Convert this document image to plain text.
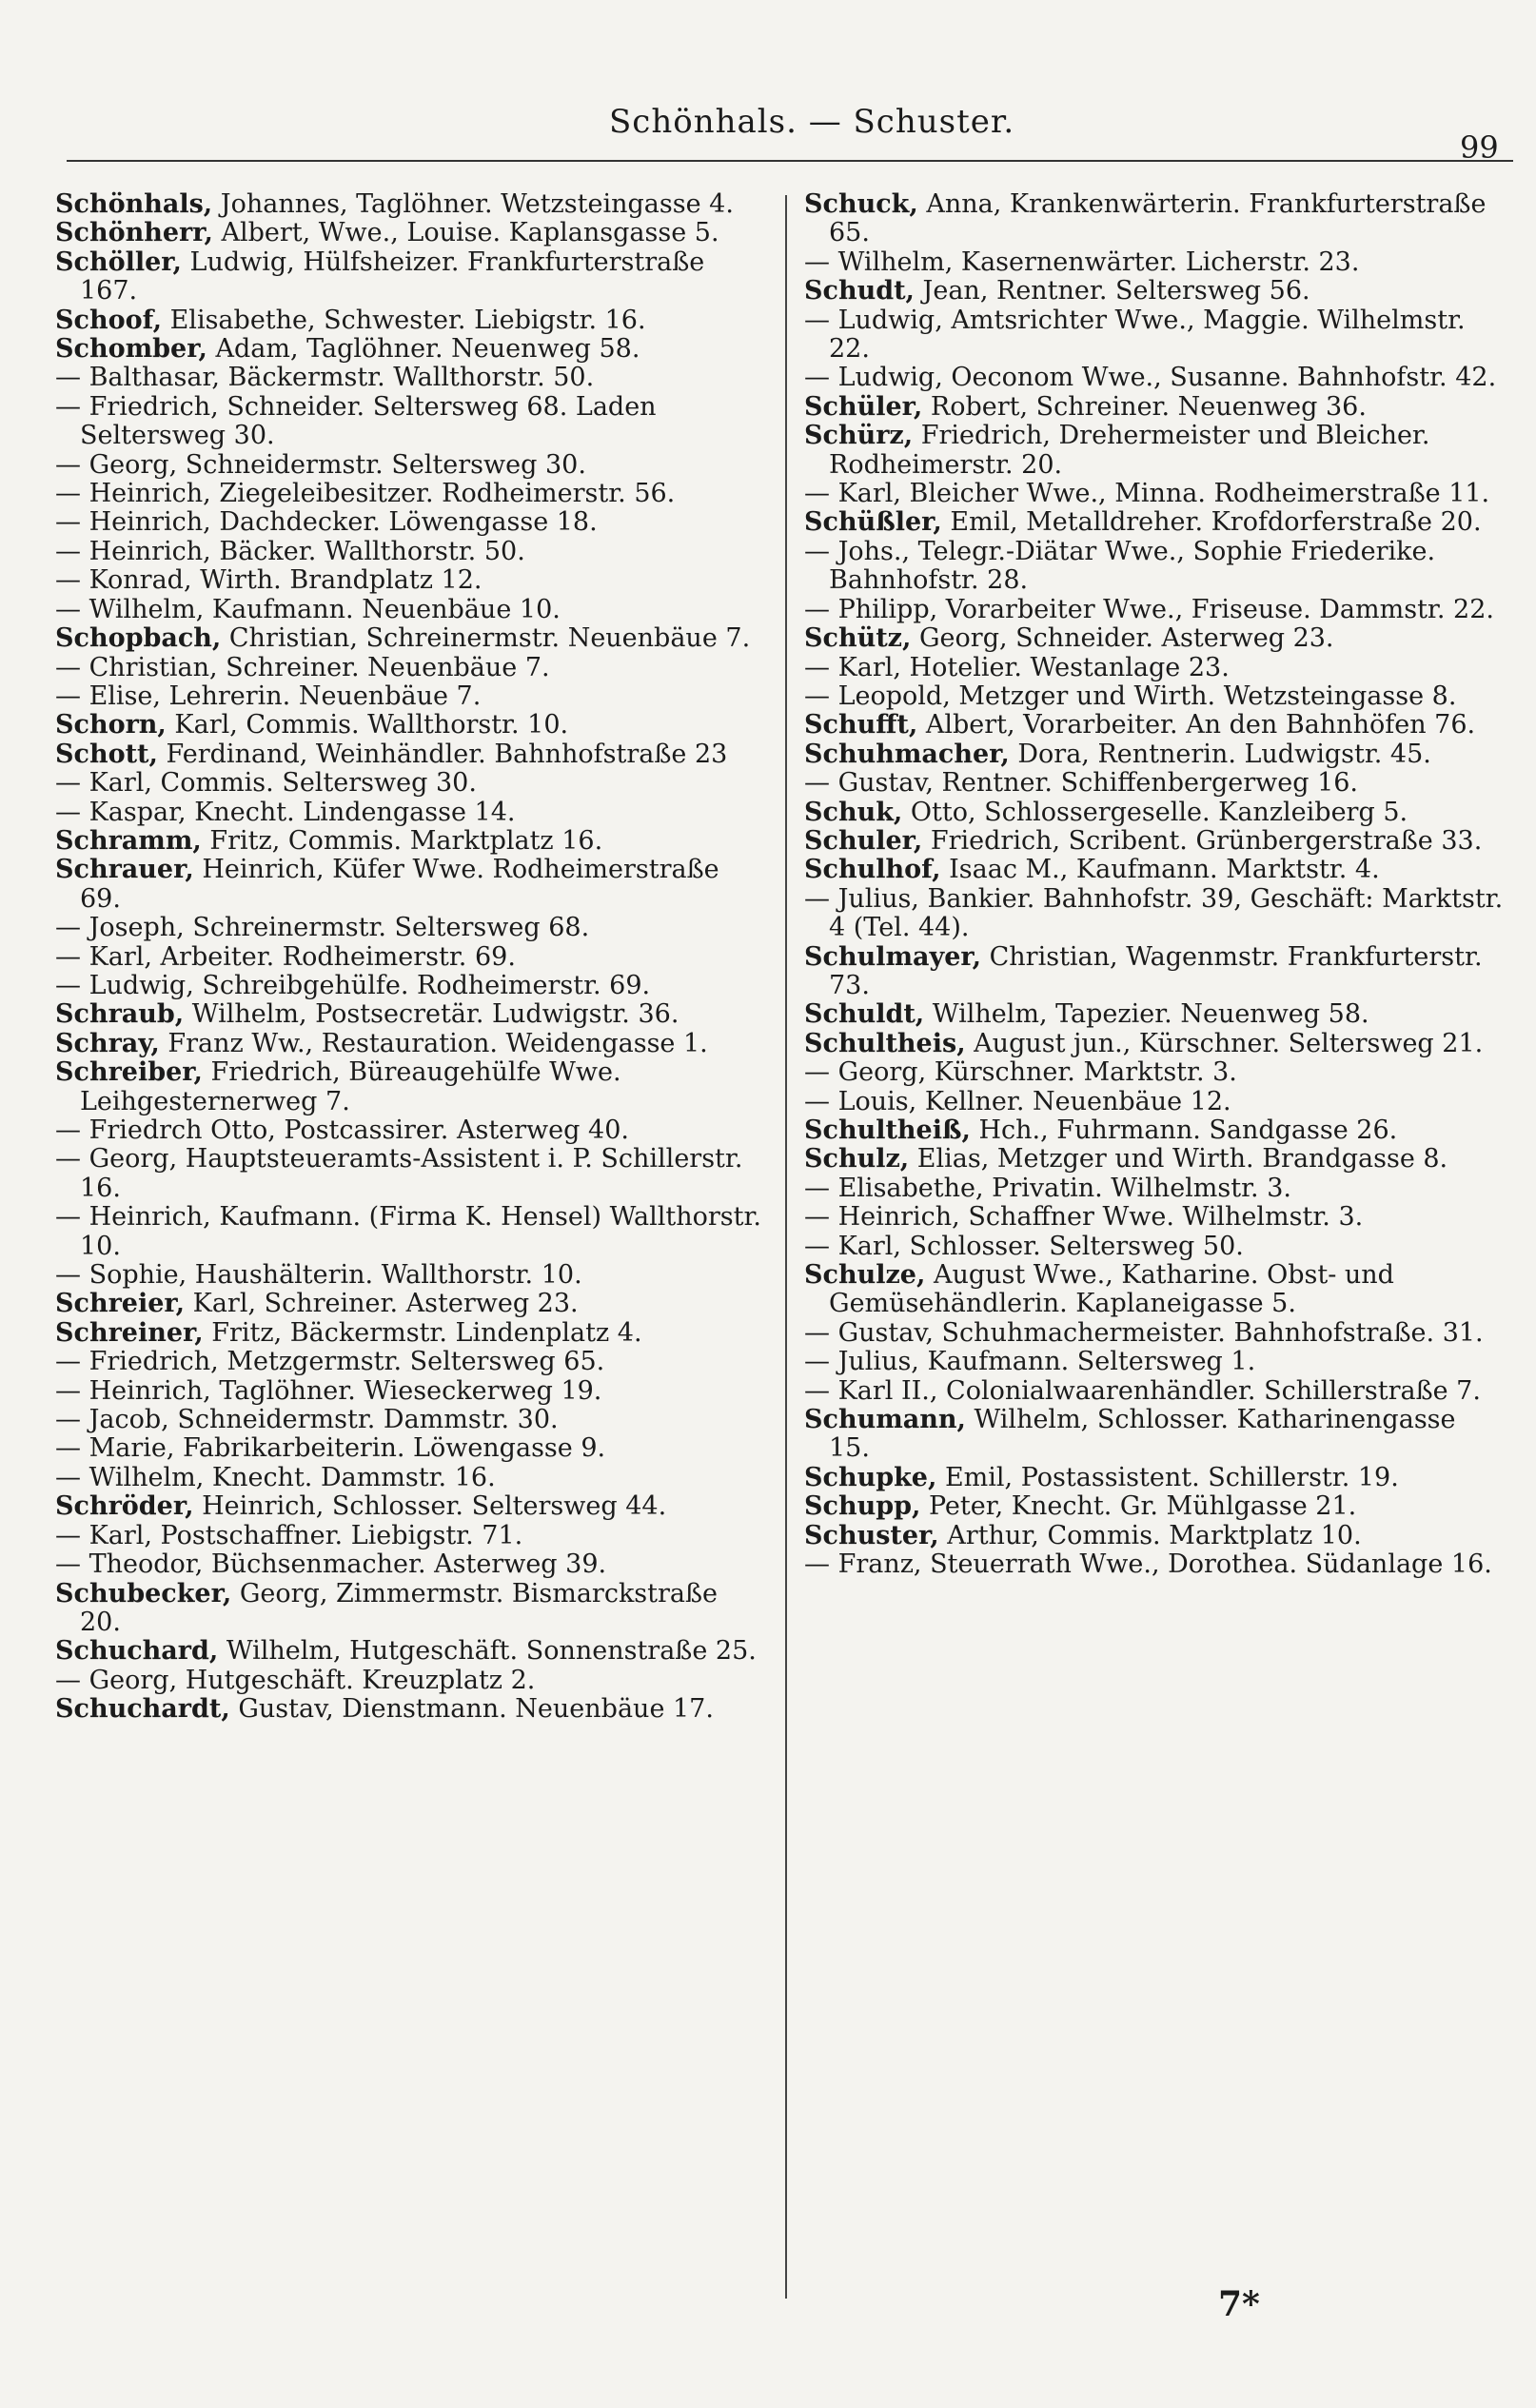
Schönhals. — Schuster.
99

Schönhals, Johannes, Taglöhner. Wetzsteingasse 4.

Schönherr, Albert, Wwe., Louise. Kaplansgasse 5.

Schöller, Ludwig, Hülfsheizer. Frankfurterstraße 167.

Schoof, Elisabethe, Schwester. Liebigstr. 16.

Schomber, Adam, Taglöhner. Neuenweg 58.

— Balthasar, Bäckermstr. Wallthorstr. 50.

— Friedrich, Schneider. Seltersweg 68. Laden Seltersweg 30.

— Georg, Schneidermstr. Seltersweg 30.

— Heinrich, Ziegeleibesitzer. Rodheimerstr. 56.

— Heinrich, Dachdecker. Löwengasse 18.

— Heinrich, Bäcker. Wallthorstr. 50.

— Konrad, Wirth. Brandplatz 12.

— Wilhelm, Kaufmann. Neuenbäue 10.

Schopbach, Christian, Schreinermstr. Neuenbäue 7.

— Christian, Schreiner. Neuenbäue 7.

— Elise, Lehrerin. Neuenbäue 7.

Schorn, Karl, Commis. Wallthorstr. 10.

Schott, Ferdinand, Weinhändler. Bahnhofstraße 23

— Karl, Commis. Seltersweg 30.

— Kaspar, Knecht. Lindengasse 14.

Schramm, Fritz, Commis. Marktplatz 16.

Schrauer, Heinrich, Küfer Wwe. Rodheimerstraße 69.

— Joseph, Schreinermstr. Seltersweg 68.

— Karl, Arbeiter. Rodheimerstr. 69.

— Ludwig, Schreibgehülfe. Rodheimerstr. 69.

Schraub, Wilhelm, Postsecretär. Ludwigstr. 36.

Schray, Franz Ww., Restauration. Weidengasse 1.

Schreiber, Friedrich, Büreaugehülfe Wwe. Leihgesternerweg 7.

— Friedrch Otto, Postcassirer. Asterweg 40.

— Georg, Hauptsteueramts-Assistent i. P. Schillerstr. 16.

— Heinrich, Kaufmann. (Firma K. Hensel) Wallthorstr. 10.

— Sophie, Haushälterin. Wallthorstr. 10.

Schreier, Karl, Schreiner. Asterweg 23.

Schreiner, Fritz, Bäckermstr. Lindenplatz 4.

— Friedrich, Metzgermstr. Seltersweg 65.

— Heinrich, Taglöhner. Wieseckerweg 19.

— Jacob, Schneidermstr. Dammstr. 30.

— Marie, Fabrikarbeiterin. Löwengasse 9.

— Wilhelm, Knecht. Dammstr. 16.

Schröder, Heinrich, Schlosser. Seltersweg 44.

— Karl, Postschaffner. Liebigstr. 71.

— Theodor, Büchsenmacher. Asterweg 39.

Schubecker, Georg, Zimmermstr. Bismarckstraße 20.

Schuchard, Wilhelm, Hutgeschäft. Sonnenstraße 25.

— Georg, Hutgeschäft. Kreuzplatz 2.

Schuchardt, Gustav, Dienstmann. Neuenbäue 17.

Schuck, Anna, Krankenwärterin. Frankfurterstraße 65.

— Wilhelm, Kasernenwärter. Licherstr. 23.

Schudt, Jean, Rentner. Seltersweg 56.

— Ludwig, Amtsrichter Wwe., Maggie. Wilhelmstr. 22.

— Ludwig, Oeconom Wwe., Susanne. Bahnhofstr. 42.

Schüler, Robert, Schreiner. Neuenweg 36.

Schürz, Friedrich, Drehermeister und Bleicher. Rodheimerstr. 20.

— Karl, Bleicher Wwe., Minna. Rodheimerstraße 11.

Schüßler, Emil, Metalldreher. Krofdorferstraße 20.

— Johs., Telegr.-Diätar Wwe., Sophie Friederike. Bahnhofstr. 28.

— Philipp, Vorarbeiter Wwe., Friseuse. Dammstr. 22.

Schütz, Georg, Schneider. Asterweg 23.

— Karl, Hotelier. Westanlage 23.

— Leopold, Metzger und Wirth. Wetzsteingasse 8.

Schufft, Albert, Vorarbeiter. An den Bahnhöfen 76.

Schuhmacher, Dora, Rentnerin. Ludwigstr. 45.

— Gustav, Rentner. Schiffenbergerweg 16.

Schuk, Otto, Schlossergeselle. Kanzleiberg 5.

Schuler, Friedrich, Scribent. Grünbergerstraße 33.

Schulhof, Isaac M., Kaufmann. Marktstr. 4.

— Julius, Bankier. Bahnhofstr. 39, Geschäft: Marktstr. 4 (Tel. 44).

Schulmayer, Christian, Wagenmstr. Frankfurterstr. 73.

Schuldt, Wilhelm, Tapezier. Neuenweg 58.

Schultheis, August jun., Kürschner. Seltersweg 21.

— Georg, Kürschner. Marktstr. 3.

— Louis, Kellner. Neuenbäue 12.

Schultheiß, Hch., Fuhrmann. Sandgasse 26.

Schulz, Elias, Metzger und Wirth. Brandgasse 8.

— Elisabethe, Privatin. Wilhelmstr. 3.

— Heinrich, Schaffner Wwe. Wilhelmstr. 3.

— Karl, Schlosser. Seltersweg 50.

Schulze, August Wwe., Katharine. Obst- und Gemüsehändlerin. Kaplaneigasse 5.

— Gustav, Schuhmachermeister. Bahnhofstraße. 31.

— Julius, Kaufmann. Seltersweg 1.

— Karl II., Colonialwaarenhändler. Schillerstraße 7.

Schumann, Wilhelm, Schlosser. Katharinengasse 15.

Schupke, Emil, Postassistent. Schillerstr. 19.

Schupp, Peter, Knecht. Gr. Mühlgasse 21.

Schuster, Arthur, Commis. Marktplatz 10.

— Franz, Steuerrath Wwe., Dorothea. Südanlage 16.

7*
